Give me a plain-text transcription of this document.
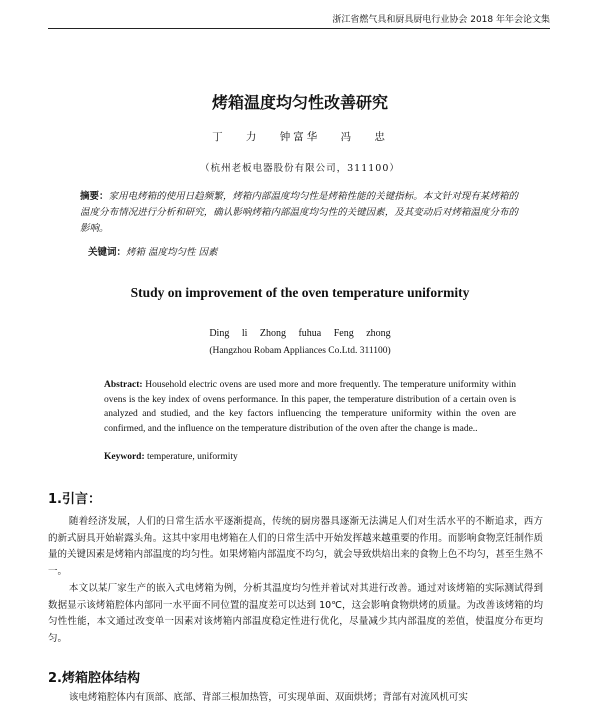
浙江省燃气具和厨具厨电行业协会 2018 年年会论文集
烤箱温度均匀性改善研究
丁 力 钟富华 冯 忠
（杭州老板电器股份有限公司，311100）
摘要：家用电烤箱的使用日趋频繁，烤箱内部温度均匀性是烤箱性能的关键指标。本文针对现有某烤箱的温度分布情况进行分析和研究，确认影响烤箱内部温度均匀性的关键因素，及其变动后对烤箱温度分布的影响。
关键词：烤箱 温度均匀性 因素
Study on improvement of the oven temperature uniformity
Ding li Zhong fuhua Feng zhong
(Hangzhou Robam Appliances Co.Ltd. 311100)
Abstract: Household electric ovens are used more and more frequently. The temperature uniformity within ovens is the key index of ovens performance. In this paper, the temperature distribution of a certain oven is analyzed and studied, and the key factors influencing the temperature uniformity within the oven are confirmed, and the influence on the temperature distribution of the oven after the change is made..
Keyword: temperature, uniformity
1.引言：

随着经济发展，人们的日常生活水平逐渐提高，传统的厨房器具逐渐无法满足人们对生活水平的不断追求，西方的新式厨具开始崭露头角。这其中家用电烤箱在人们的日常生活中开始发挥越来越重要的作用。而影响食物烹饪制作质量的关键因素是烤箱内部温度的均匀性。如果烤箱内部温度不均匀，就会导致烘焙出来的食物上色不均匀，甚至生熟不一。

本文以某厂家生产的嵌入式电烤箱为例，分析其温度均匀性并着试对其进行改善。通过对该烤箱的实际测试得到数据显示该烤箱腔体内部同一水平面不同位置的温度差可以达到 10℃，这会影响食物烘烤的质量。为改善该烤箱的均匀性性能，本文通过改变单一因素对该烤箱内部温度稳定性进行优化，尽量减少其内部温度的差值，使温度分布更均匀。

2.烤箱腔体结构

该电烤箱腔体内有顶部、底部、背部三根加热管，可实现单面、双面烘烤；背部有对流风机可实
